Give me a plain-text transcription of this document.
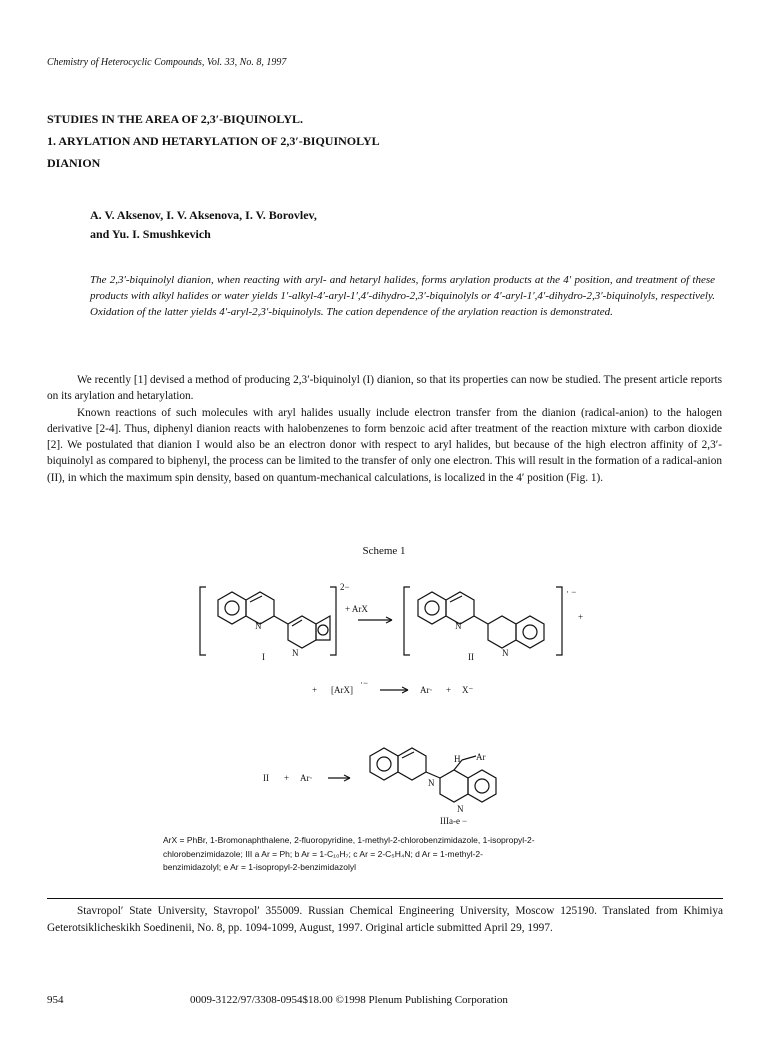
Chemistry of Heterocyclic Compounds, Vol. 33, No. 8, 1997
STUDIES IN THE AREA OF 2,3′-BIQUINOLYL.
1. ARYLATION AND HETARYLATION OF 2,3′-BIQUINOLYL
DIANION
A. V. Aksenov, I. V. Aksenova, I. V. Borovlev,
and Yu. I. Smushkevich
The 2,3′-biquinolyl dianion, when reacting with aryl- and hetaryl halides, forms arylation products at the 4′ position, and treatment of these products with alkyl halides or water yields 1′-alkyl-4′-aryl-1′,4′-dihydro-2,3′-biquinolyls or 4′-aryl-1′,4′-dihydro-2,3′-biquinolyls, respectively. Oxidation of the latter yields 4′-aryl-2,3′-biquinolyls. The cation dependence of the arylation reaction is demonstrated.

We recently [1] devised a method of producing 2,3′-biquinolyl (I) dianion, so that its properties can now be studied. The present article reports on its arylation and hetarylation.

Known reactions of such molecules with aryl halides usually include electron transfer from the dianion (radical-anion) to the halogen derivative [2-4]. Thus, diphenyl dianion reacts with halobenzenes to form benzoic acid after treatment of the reaction mixture with carbon dioxide [2]. We postulated that dianion I would also be an electron donor with respect to aryl halides, but because of the high electron affinity of 2,3′-biquinolyl as compared to biphenyl, the process can be limited to the transfer of only one electron. This will result in the formation of a radical-anion (II), in which the maximum spin density, based on quantum-mechanical calculations, is localized in the 4′ position (Fig. 1).

Scheme 1
2−
+ ArX
I
N
N
· −
+
II
N
N
+ [ArX]
·−
Ar· + X⁻
II + Ar·
H Ar
N
N
IIIa-e −
ArX = PhBr, 1-Bromonaphthalene, 2-fluoropyridine, 1-methyl-2-chlorobenzimidazole, 1-isopropyl-2-
chlorobenzimidazole; III a Ar = Ph; b Ar = 1-C₁₀H₇; c Ar = 2-C₅H₄N; d Ar = 1-methyl-2-
benzimidazolyl; e Ar = 1-isopropyl-2-benzimidazolyl
Stavropol′ State University, Stavropol′ 355009. Russian Chemical Engineering University, Moscow 125190. Translated from Khimiya Geterotsiklicheskikh Soedinenii, No. 8, pp. 1094-1099, August, 1997. Original article submitted April 29, 1997.
954	0009-3122/97/3308-0954$18.00 ©1998 Plenum Publishing Corporation
